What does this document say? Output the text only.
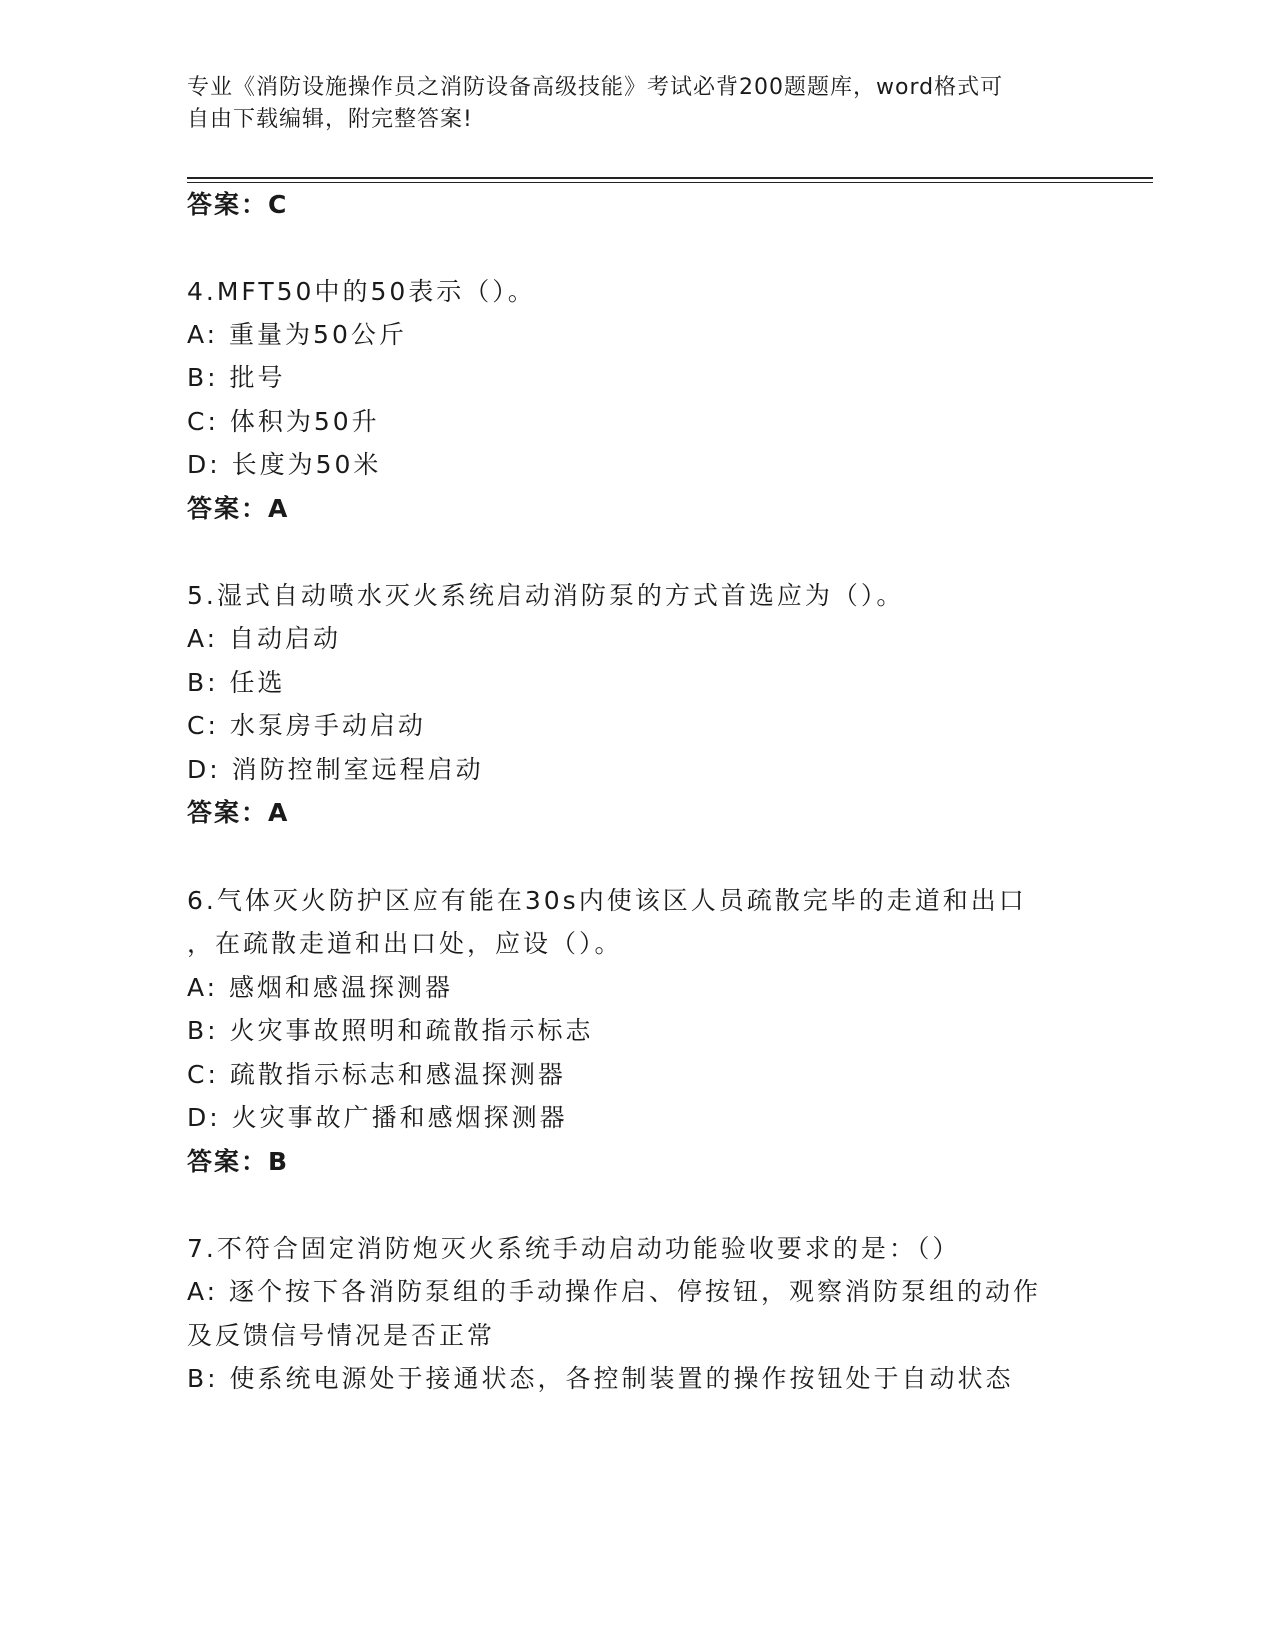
专业《消防设施操作员之消防设备高级技能》考试必背200题题库，word格式可
自由下载编辑，附完整答案!
答案：C
4.MFT50中的50表示（）。
A: 重量为50公斤
B: 批号
C: 体积为50升
D: 长度为50米
答案：A
5.湿式自动喷水灭火系统启动消防泵的方式首选应为（）。
A: 自动启动
B: 任选
C: 水泵房手动启动
D: 消防控制室远程启动
答案：A
6.气体灭火防护区应有能在30s内使该区人员疏散完毕的走道和出口
，在疏散走道和出口处，应设（）。
A: 感烟和感温探测器
B: 火灾事故照明和疏散指示标志
C: 疏散指示标志和感温探测器
D: 火灾事故广播和感烟探测器
答案：B
7.不符合固定消防炮灭火系统手动启动功能验收要求的是：（）
A: 逐个按下各消防泵组的手动操作启、停按钮，观察消防泵组的动作
及反馈信号情况是否正常
B: 使系统电源处于接通状态，各控制装置的操作按钮处于自动状态
